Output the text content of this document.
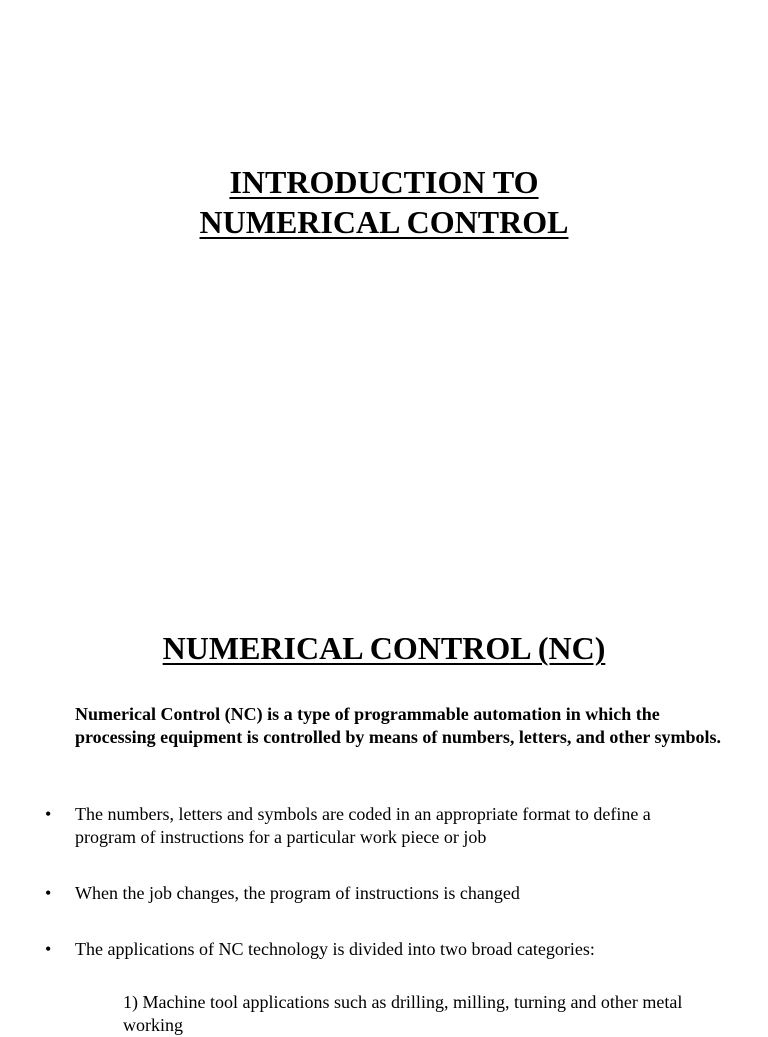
INTRODUCTION TO
NUMERICAL CONTROL
NUMERICAL CONTROL (NC)
Numerical Control (NC) is a type of programmable automation in which the processing equipment is controlled by means of numbers, letters, and other symbols.
• The numbers, letters and symbols are coded in an appropriate format to define a program of instructions for a particular work piece or job
• When the job changes, the program of instructions is changed
• The applications of NC technology is divided into two broad categories:
1) Machine tool applications such as drilling, milling, turning and other metal working
